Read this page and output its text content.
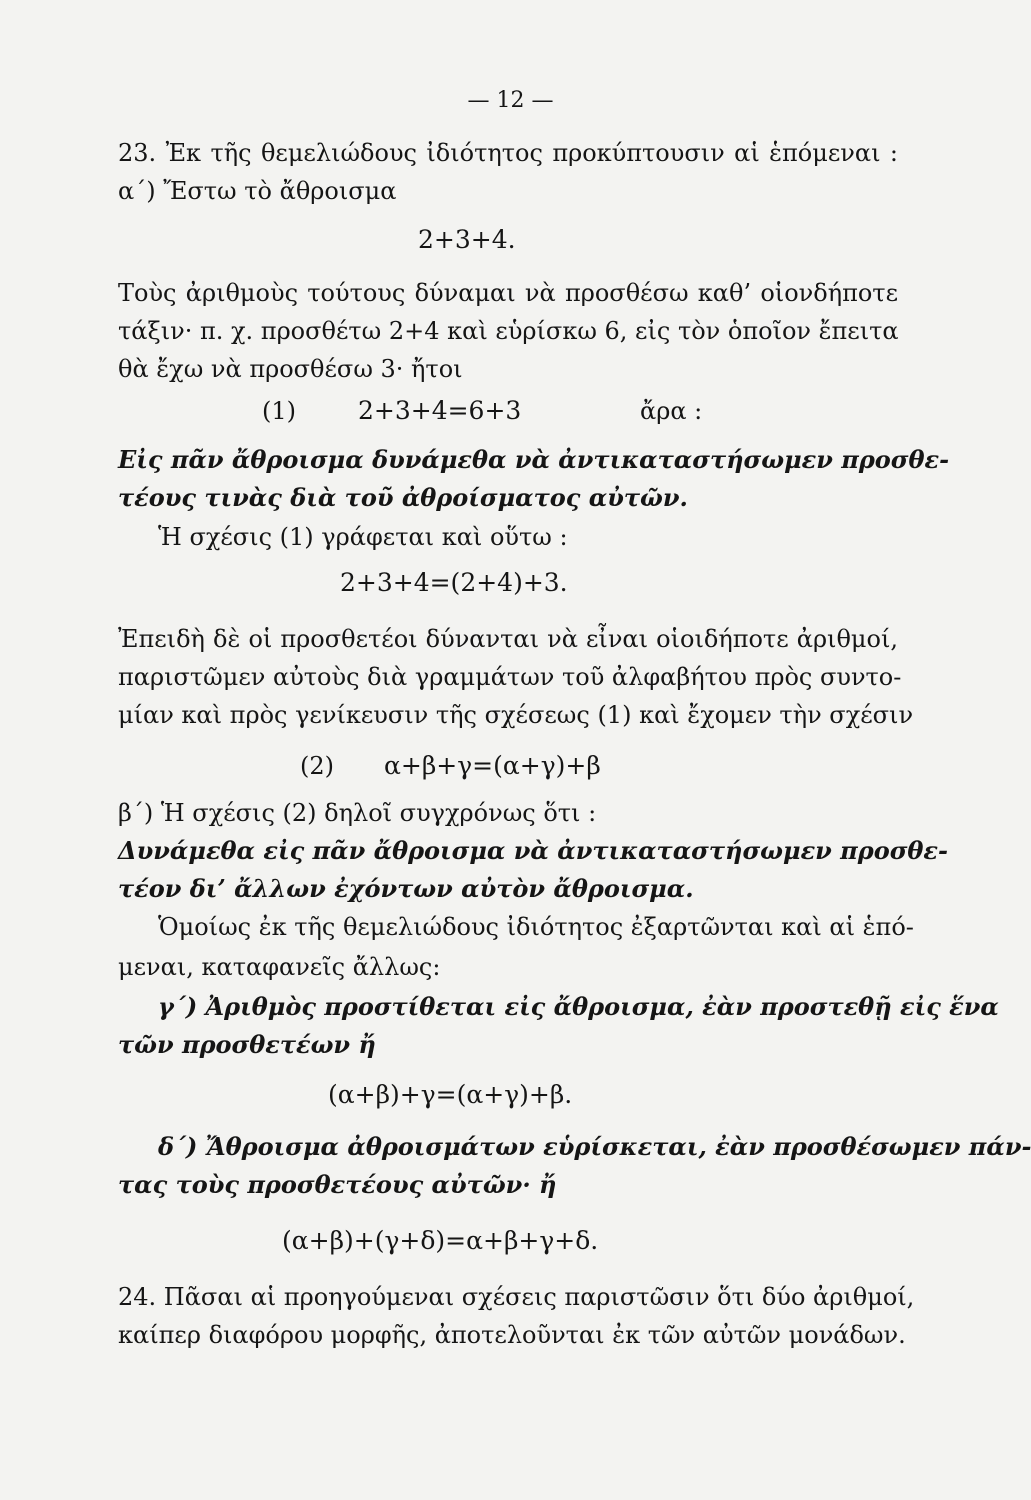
— 12 —
23. Ἐκ τῆς θεμελιώδους ἰδιότητος προκύπτουσιν αἱ ἑπόμεναι :
α΄) Ἔστω τὸ ἄθροισμα
2+3+4.
Τοὺς ἀριθμοὺς τούτους δύναμαι νὰ προσθέσω καθ’ οἱονδήποτε
τάξιν· π. χ. προσθέτω 2+4 καὶ εὑρίσκω 6, εἰς τὸν ὁποῖον ἔπειτα
θὰ ἔχω νὰ προσθέσω 3· ἤτοι
(1) 2+3+4=6+3	ἄρα :
Εἰς πᾶν ἄθροισμα δυνάμεθα νὰ ἀντικαταστήσωμεν προσθε-
τέους τινὰς διὰ τοῦ ἀθροίσματος αὐτῶν.
Ἡ σχέσις (1) γράφεται καὶ οὕτω :
2+3+4=(2+4)+3.
Ἐπειδὴ δὲ οἱ προσθετέοι δύνανται νὰ εἶναι οἱοιδήποτε ἀριθμοί,
παριστῶμεν αὐτοὺς διὰ γραμμάτων τοῦ ἀλφαβήτου πρὸς συντο-
μίαν καὶ πρὸς γενίκευσιν τῆς σχέσεως (1) καὶ ἔχομεν τὴν σχέσιν
(2) α+β+γ=(α+γ)+β
β΄) Ἡ σχέσις (2) δηλοῖ συγχρόνως ὅτι :
Δυνάμεθα εἰς πᾶν ἄθροισμα νὰ ἀντικαταστήσωμεν προσθε-
τέον δι’ ἄλλων ἐχόντων αὐτὸν ἄθροισμα.
Ὁμοίως ἐκ τῆς θεμελιώδους ἰδιότητος ἐξαρτῶνται καὶ αἱ ἑπό-
μεναι, καταφανεῖς ἄλλως:
γ΄) Ἀριθμὸς προστίθεται εἰς ἄθροισμα, ἐὰν προστεθῇ εἰς ἕνα
τῶν προσθετέων ἤ
(α+β)+γ=(α+γ)+β.
δ΄) Ἄθροισμα ἀθροισμάτων εὑρίσκεται, ἐὰν προσθέσωμεν πάν-
τας τοὺς προσθετέους αὐτῶν· ἤ
(α+β)+(γ+δ)=α+β+γ+δ.
24. Πᾶσαι αἱ προηγούμεναι σχέσεις παριστῶσιν ὅτι δύο ἀριθμοί,
καίπερ διαφόρου μορφῆς, ἀποτελοῦνται ἐκ τῶν αὐτῶν μονάδων.
